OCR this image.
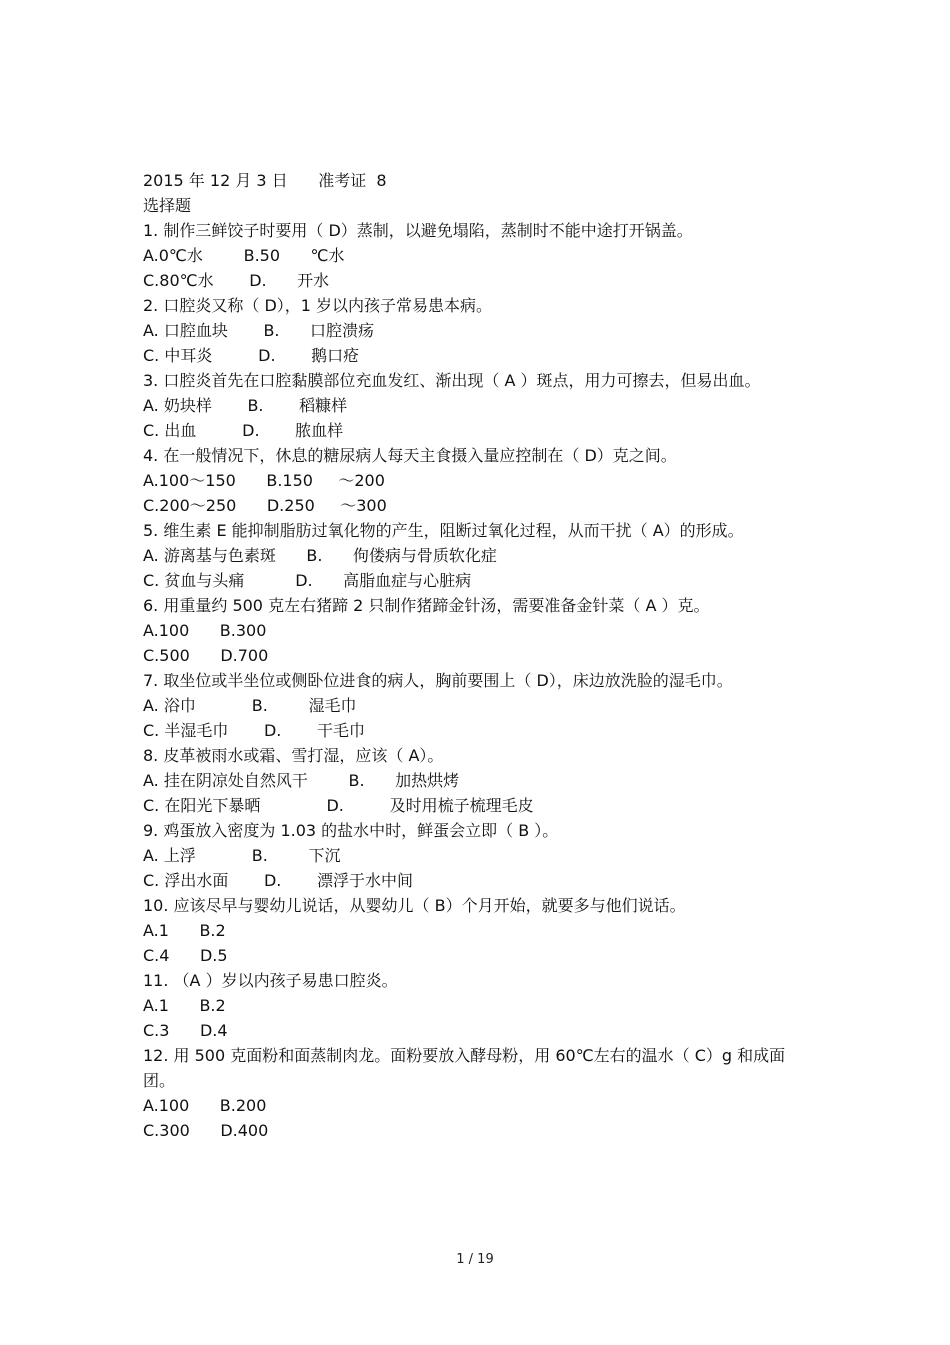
2015 年 12 月 3 日      准考证  8
选择题
1. 制作三鲜饺子时要用（ D）蒸制，以避免塌陷，蒸制时不能中途打开锅盖。
A.0℃水        B.50      ℃水
C.80℃水       D.      开水
2. 口腔炎又称（ D），1 岁以内孩子常易患本病。
A. 口腔血块       B.      口腔溃疡
C. 中耳炎         D.       鹅口疮
3. 口腔炎首先在口腔黏膜部位充血发红、渐出现（ A ）斑点，用力可擦去，但易出血。
A. 奶块样       B.       稻糠样
C. 出血         D.       脓血样
4. 在一般情况下，休息的糖尿病人每天主食摄入量应控制在（ D）克之间。
A.100～150      B.150     ～200
C.200～250      D.250     ～300
5. 维生素 E 能抑制脂肪过氧化物的产生，阻断过氧化过程，从而干扰（ A）的形成。
A. 游离基与色素斑      B.      佝偻病与骨质软化症
C. 贫血与头痛          D.      高脂血症与心脏病
6. 用重量约 500 克左右猪蹄 2 只制作猪蹄金针汤，需要准备金针菜（ A ）克。
A.100      B.300
C.500      D.700
7. 取坐位或半坐位或侧卧位进食的病人，胸前要围上（ D），床边放洗脸的湿毛巾。
A. 浴巾           B.        湿毛巾
C. 半湿毛巾       D.       干毛巾
8. 皮革被雨水或霜、雪打湿，应该（ A）。
A. 挂在阴凉处自然风干        B.      加热烘烤
C. 在阳光下暴晒             D.         及时用梳子梳理毛皮
9. 鸡蛋放入密度为 1.03 的盐水中时，鲜蛋会立即（ B ）。
A. 上浮           B.        下沉
C. 浮出水面       D.       漂浮于水中间
10. 应该尽早与婴幼儿说话，从婴幼儿（ B）个月开始，就要多与他们说话。
A.1      B.2
C.4      D.5
11. （A ）岁以内孩子易患口腔炎。
A.1      B.2
C.3      D.4
12. 用 500 克面粉和面蒸制肉龙。面粉要放入酵母粉，用 60℃左右的温水（ C）g 和成面团。
A.100      B.200
C.300      D.400
1 / 19
